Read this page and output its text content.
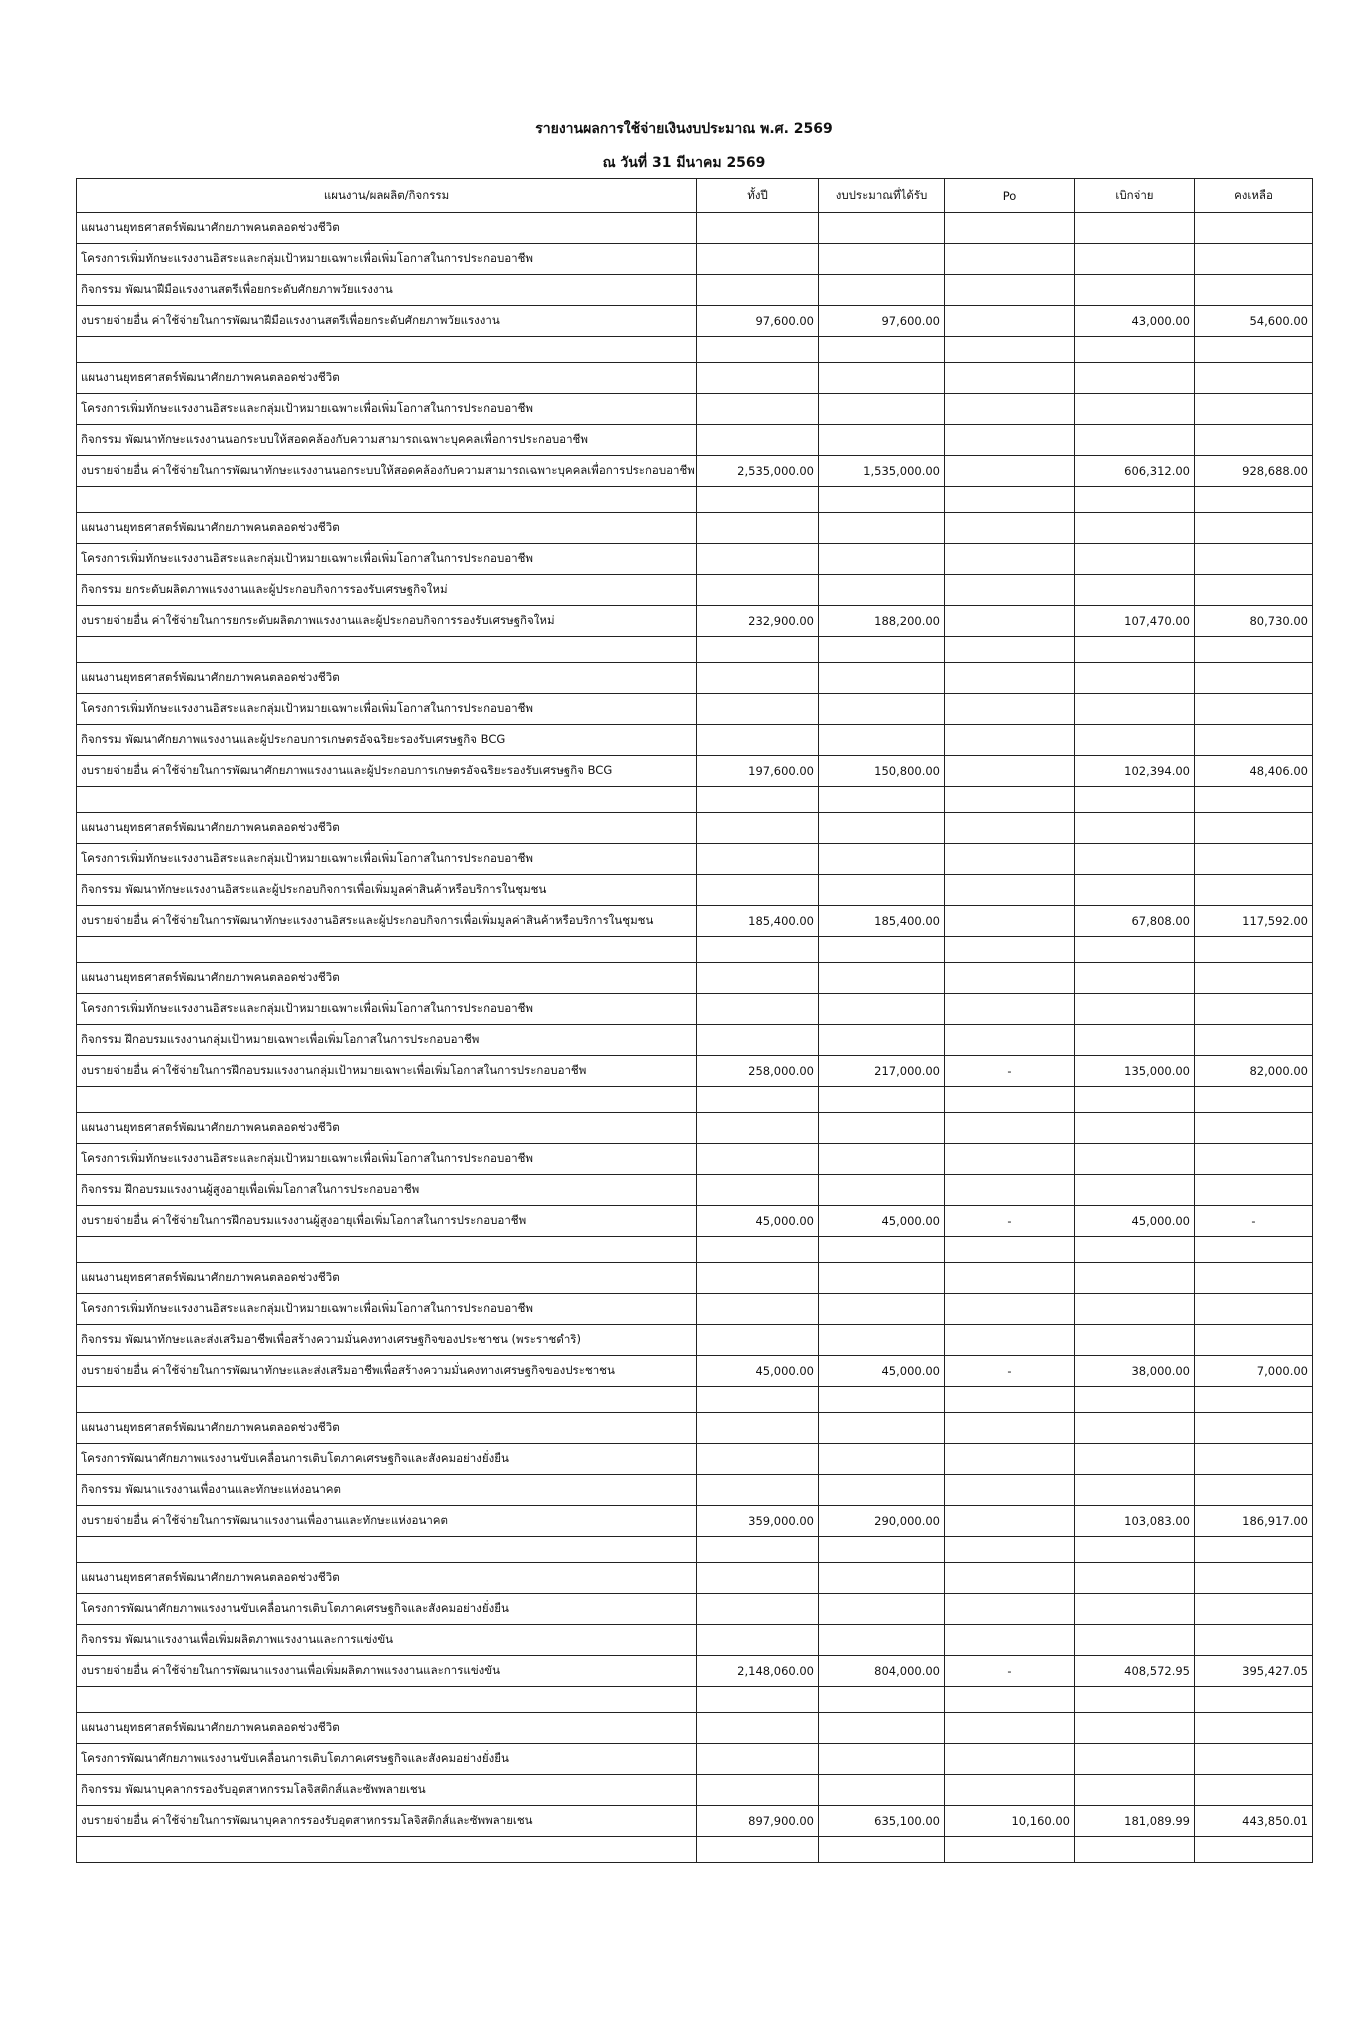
รายงานผลการใช้จ่ายเงินงบประมาณ พ.ศ. 2569
ณ วันที่ 31 มีนาคม 2569
แผนงาน/ผลผลิต/กิจกรรม	ทั้งปี	งบประมาณที่ได้รับ	Po	เบิกจ่าย	คงเหลือ
แผนงานยุทธศาสตร์พัฒนาศักยภาพคนตลอดช่วงชีวิต					
โครงการเพิ่มทักษะแรงงานอิสระและกลุ่มเป้าหมายเฉพาะเพื่อเพิ่มโอกาสในการประกอบอาชีพ					
กิจกรรม พัฒนาฝีมือแรงงานสตรีเพื่อยกระดับศักยภาพวัยแรงงาน					
งบรายจ่ายอื่น ค่าใช้จ่ายในการพัฒนาฝีมือแรงงานสตรีเพื่อยกระดับศักยภาพวัยแรงงาน	97,600.00	97,600.00		43,000.00	54,600.00

แผนงานยุทธศาสตร์พัฒนาศักยภาพคนตลอดช่วงชีวิต					
โครงการเพิ่มทักษะแรงงานอิสระและกลุ่มเป้าหมายเฉพาะเพื่อเพิ่มโอกาสในการประกอบอาชีพ					
กิจกรรม พัฒนาทักษะแรงงานนอกระบบให้สอดคล้องกับความสามารถเฉพาะบุคคลเพื่อการประกอบอาชีพ					
งบรายจ่ายอื่น ค่าใช้จ่ายในการพัฒนาทักษะแรงงานนอกระบบให้สอดคล้องกับความสามารถเฉพาะบุคคลเพื่อการประกอบอาชีพ	2,535,000.00	1,535,000.00		606,312.00	928,688.00

แผนงานยุทธศาสตร์พัฒนาศักยภาพคนตลอดช่วงชีวิต					
โครงการเพิ่มทักษะแรงงานอิสระและกลุ่มเป้าหมายเฉพาะเพื่อเพิ่มโอกาสในการประกอบอาชีพ					
กิจกรรม ยกระดับผลิตภาพแรงงานและผู้ประกอบกิจการรองรับเศรษฐกิจใหม่					
งบรายจ่ายอื่น ค่าใช้จ่ายในการยกระดับผลิตภาพแรงงานและผู้ประกอบกิจการรองรับเศรษฐกิจใหม่	232,900.00	188,200.00		107,470.00	80,730.00

แผนงานยุทธศาสตร์พัฒนาศักยภาพคนตลอดช่วงชีวิต					
โครงการเพิ่มทักษะแรงงานอิสระและกลุ่มเป้าหมายเฉพาะเพื่อเพิ่มโอกาสในการประกอบอาชีพ					
กิจกรรม พัฒนาศักยภาพแรงงานและผู้ประกอบการเกษตรอัจฉริยะรองรับเศรษฐกิจ BCG					
งบรายจ่ายอื่น ค่าใช้จ่ายในการพัฒนาศักยภาพแรงงานและผู้ประกอบการเกษตรอัจฉริยะรองรับเศรษฐกิจ BCG	197,600.00	150,800.00		102,394.00	48,406.00

แผนงานยุทธศาสตร์พัฒนาศักยภาพคนตลอดช่วงชีวิต					
โครงการเพิ่มทักษะแรงงานอิสระและกลุ่มเป้าหมายเฉพาะเพื่อเพิ่มโอกาสในการประกอบอาชีพ					
กิจกรรม พัฒนาทักษะแรงงานอิสระและผู้ประกอบกิจการเพื่อเพิ่มมูลค่าสินค้าหรือบริการในชุมชน					
งบรายจ่ายอื่น ค่าใช้จ่ายในการพัฒนาทักษะแรงงานอิสระและผู้ประกอบกิจการเพื่อเพิ่มมูลค่าสินค้าหรือบริการในชุมชน	185,400.00	185,400.00		67,808.00	117,592.00

แผนงานยุทธศาสตร์พัฒนาศักยภาพคนตลอดช่วงชีวิต					
โครงการเพิ่มทักษะแรงงานอิสระและกลุ่มเป้าหมายเฉพาะเพื่อเพิ่มโอกาสในการประกอบอาชีพ					
กิจกรรม ฝึกอบรมแรงงานกลุ่มเป้าหมายเฉพาะเพื่อเพิ่มโอกาสในการประกอบอาชีพ					
งบรายจ่ายอื่น ค่าใช้จ่ายในการฝึกอบรมแรงงานกลุ่มเป้าหมายเฉพาะเพื่อเพิ่มโอกาสในการประกอบอาชีพ	258,000.00	217,000.00	-	135,000.00	82,000.00

แผนงานยุทธศาสตร์พัฒนาศักยภาพคนตลอดช่วงชีวิต					
โครงการเพิ่มทักษะแรงงานอิสระและกลุ่มเป้าหมายเฉพาะเพื่อเพิ่มโอกาสในการประกอบอาชีพ					
กิจกรรม ฝึกอบรมแรงงานผู้สูงอายุเพื่อเพิ่มโอกาสในการประกอบอาชีพ					
งบรายจ่ายอื่น ค่าใช้จ่ายในการฝึกอบรมแรงงานผู้สูงอายุเพื่อเพิ่มโอกาสในการประกอบอาชีพ	45,000.00	45,000.00	-	45,000.00	-

แผนงานยุทธศาสตร์พัฒนาศักยภาพคนตลอดช่วงชีวิต					
โครงการเพิ่มทักษะแรงงานอิสระและกลุ่มเป้าหมายเฉพาะเพื่อเพิ่มโอกาสในการประกอบอาชีพ					
กิจกรรม พัฒนาทักษะและส่งเสริมอาชีพเพื่อสร้างความมั่นคงทางเศรษฐกิจของประชาชน (พระราชดำริ)					
งบรายจ่ายอื่น ค่าใช้จ่ายในการพัฒนาทักษะและส่งเสริมอาชีพเพื่อสร้างความมั่นคงทางเศรษฐกิจของประชาชน	45,000.00	45,000.00	-	38,000.00	7,000.00

แผนงานยุทธศาสตร์พัฒนาศักยภาพคนตลอดช่วงชีวิต					
โครงการพัฒนาศักยภาพแรงงานขับเคลื่อนการเติบโตภาคเศรษฐกิจและสังคมอย่างยั่งยืน					
กิจกรรม พัฒนาแรงงานเพื่องานและทักษะแห่งอนาคต					
งบรายจ่ายอื่น ค่าใช้จ่ายในการพัฒนาแรงงานเพื่องานและทักษะแห่งอนาคต	359,000.00	290,000.00		103,083.00	186,917.00

แผนงานยุทธศาสตร์พัฒนาศักยภาพคนตลอดช่วงชีวิต					
โครงการพัฒนาศักยภาพแรงงานขับเคลื่อนการเติบโตภาคเศรษฐกิจและสังคมอย่างยั่งยืน					
กิจกรรม พัฒนาแรงงานเพื่อเพิ่มผลิตภาพแรงงานและการแข่งขัน					
งบรายจ่ายอื่น ค่าใช้จ่ายในการพัฒนาแรงงานเพื่อเพิ่มผลิตภาพแรงงานและการแข่งขัน	2,148,060.00	804,000.00	-	408,572.95	395,427.05

แผนงานยุทธศาสตร์พัฒนาศักยภาพคนตลอดช่วงชีวิต					
โครงการพัฒนาศักยภาพแรงงานขับเคลื่อนการเติบโตภาคเศรษฐกิจและสังคมอย่างยั่งยืน					
กิจกรรม พัฒนาบุคลากรรองรับอุตสาหกรรมโลจิสติกส์และซัพพลายเชน					
งบรายจ่ายอื่น ค่าใช้จ่ายในการพัฒนาบุคลากรรองรับอุตสาหกรรมโลจิสติกส์และซัพพลายเชน	897,900.00	635,100.00	10,160.00	181,089.99	443,850.01
